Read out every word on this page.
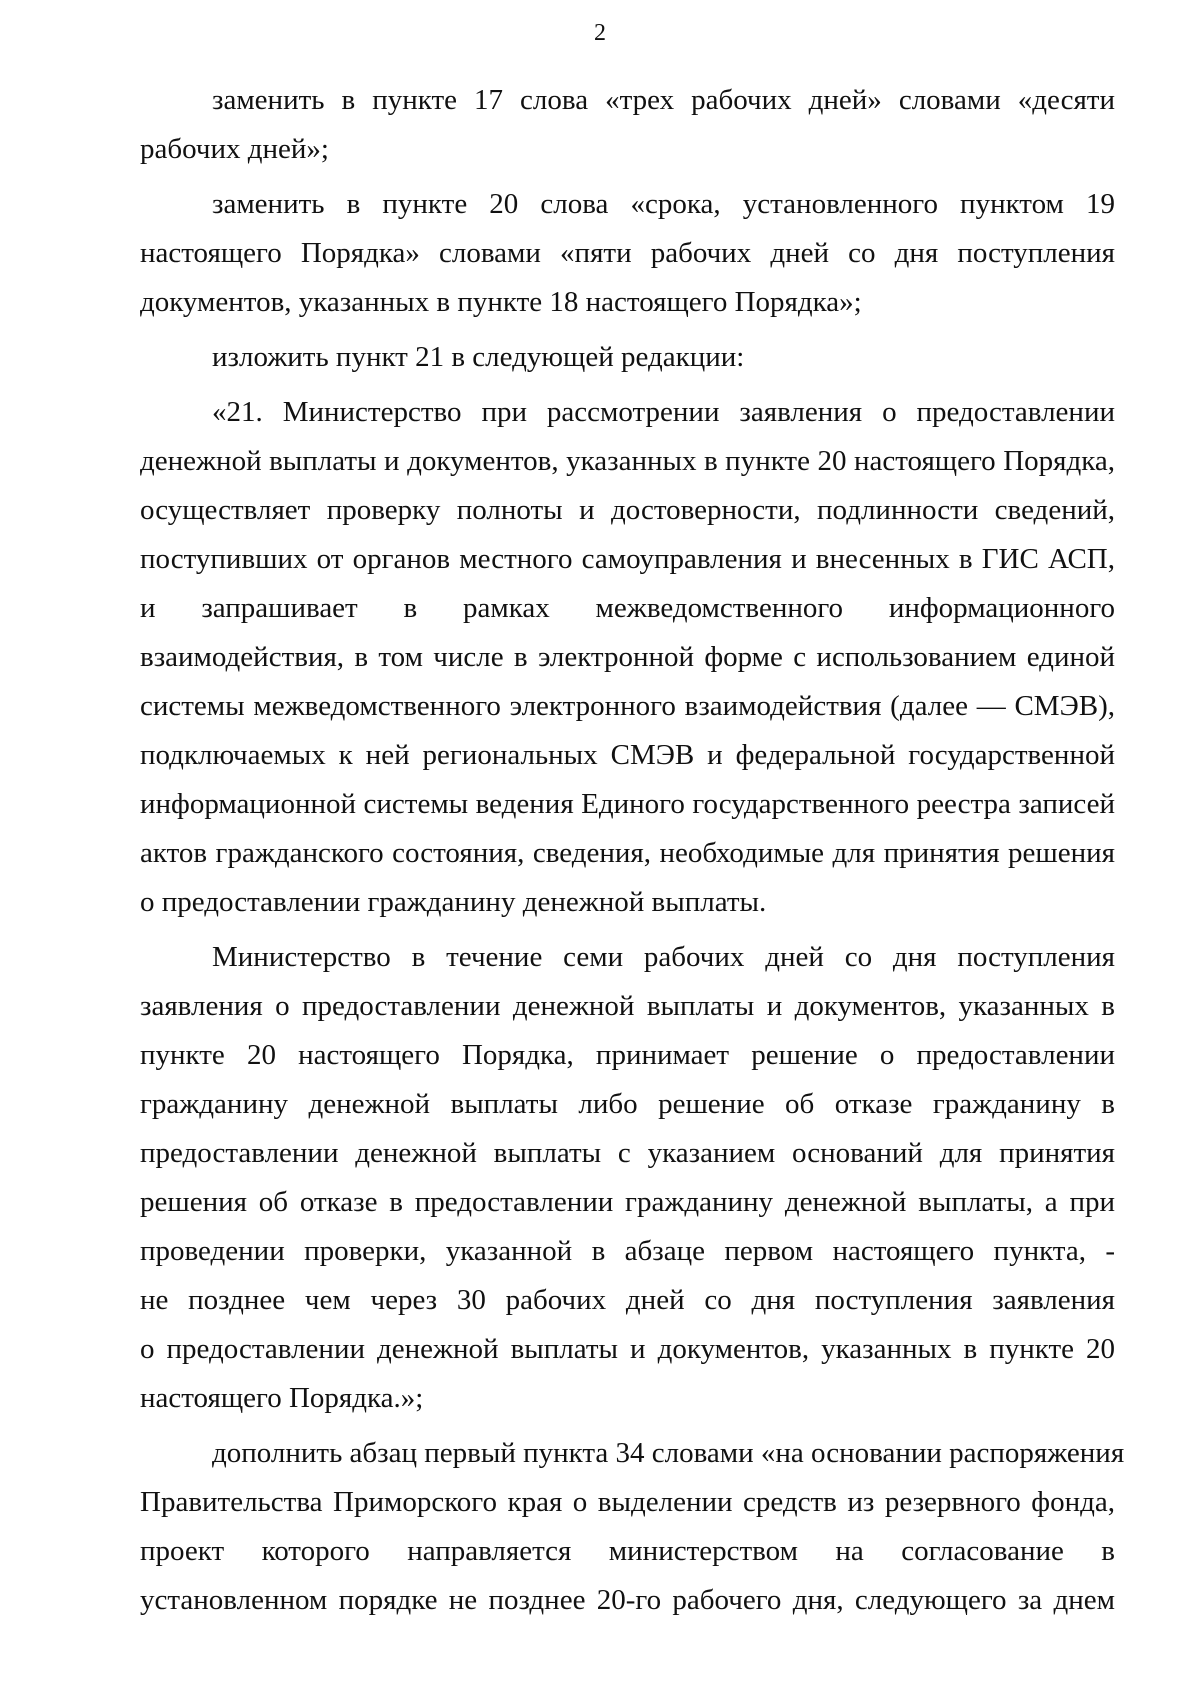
2
заменить в пункте 17 слова «трех рабочих дней» словами «десяти
рабочих дней»;
заменить в пункте 20 слова «срока, установленного пунктом 19
настоящего Порядка» словами «пяти рабочих дней со дня поступления
документов, указанных в пункте 18 настоящего Порядка»;
изложить пункт 21 в следующей редакции:
«21. Министерство при рассмотрении заявления о предоставлении
денежной выплаты и документов, указанных в пункте 20 настоящего Порядка,
осуществляет проверку полноты и достоверности, подлинности сведений,
поступивших от органов местного самоуправления и внесенных в ГИС АСП,
и запрашивает в рамках межведомственного информационного
взаимодействия, в том числе в электронной форме с использованием единой
системы межведомственного электронного взаимодействия (далее — СМЭВ),
подключаемых к ней региональных СМЭВ и федеральной государственной
информационной системы ведения Единого государственного реестра записей
актов гражданского состояния, сведения, необходимые для принятия решения
о предоставлении гражданину денежной выплаты.
Министерство в течение семи рабочих дней со дня поступления
заявления о предоставлении денежной выплаты и документов, указанных в
пункте 20 настоящего Порядка, принимает решение о предоставлении
гражданину денежной выплаты либо решение об отказе гражданину в
предоставлении денежной выплаты с указанием оснований для принятия
решения об отказе в предоставлении гражданину денежной выплаты, а при
проведении проверки, указанной в абзаце первом настоящего пункта, -
не позднее чем через 30 рабочих дней со дня поступления заявления
о предоставлении денежной выплаты и документов, указанных в пункте 20
настоящего Порядка.»;
дополнить абзац первый пункта 34 словами «на основании распоряжения
Правительства Приморского края о выделении средств из резервного фонда,
проект которого направляется министерством на согласование в
установленном порядке не позднее 20-го рабочего дня, следующего за днем
